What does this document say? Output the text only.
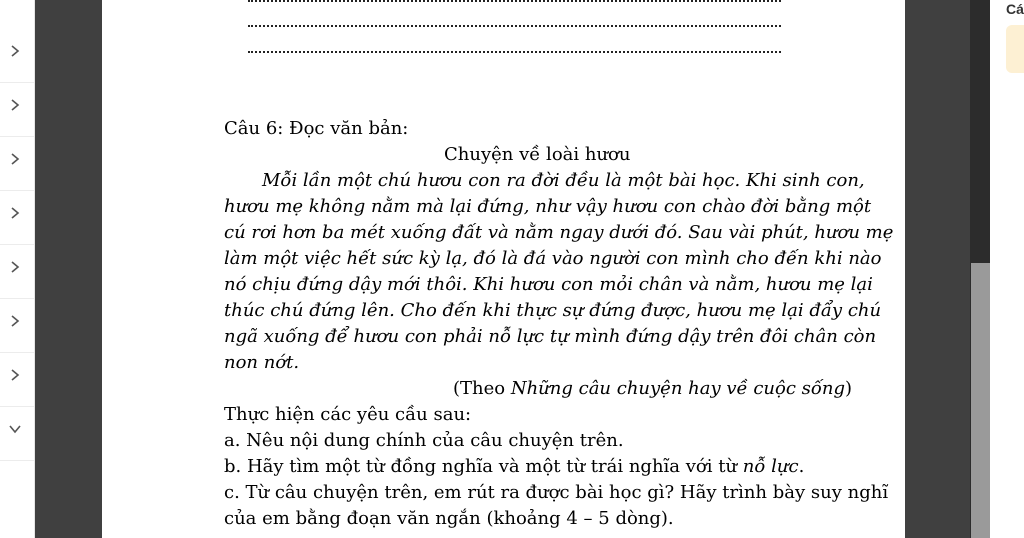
Câu 6: Đọc văn bản:
Chuyện về loài hươu
Mỗi lần một chú hươu con ra đời đều là một bài học. Khi sinh con,
hươu mẹ không nằm mà lại đứng, như vậy hươu con chào đời bằng một
cú rơi hơn ba mét xuống đất và nằm ngay dưới đó. Sau vài phút, hươu mẹ
làm một việc hết sức kỳ lạ, đó là đá vào người con mình cho đến khi nào
nó chịu đứng dậy mới thôi. Khi hươu con mỏi chân và nằm, hươu mẹ lại
thúc chú đứng lên. Cho đến khi thực sự đứng được, hươu mẹ lại đẩy chú
ngã xuống để hươu con phải nỗ lực tự mình đứng dậy trên đôi chân còn
non nớt.
(Theo Những câu chuyện hay về cuộc sống)
Thực hiện các yêu cầu sau:
a. Nêu nội dung chính của câu chuyện trên.
b. Hãy tìm một từ đồng nghĩa và một từ trái nghĩa với từ nỗ lực.
c. Từ câu chuyện trên, em rút ra được bài học gì? Hãy trình bày suy nghĩ
của em bằng đoạn văn ngắn (khoảng 4 – 5 dòng).
Cá
